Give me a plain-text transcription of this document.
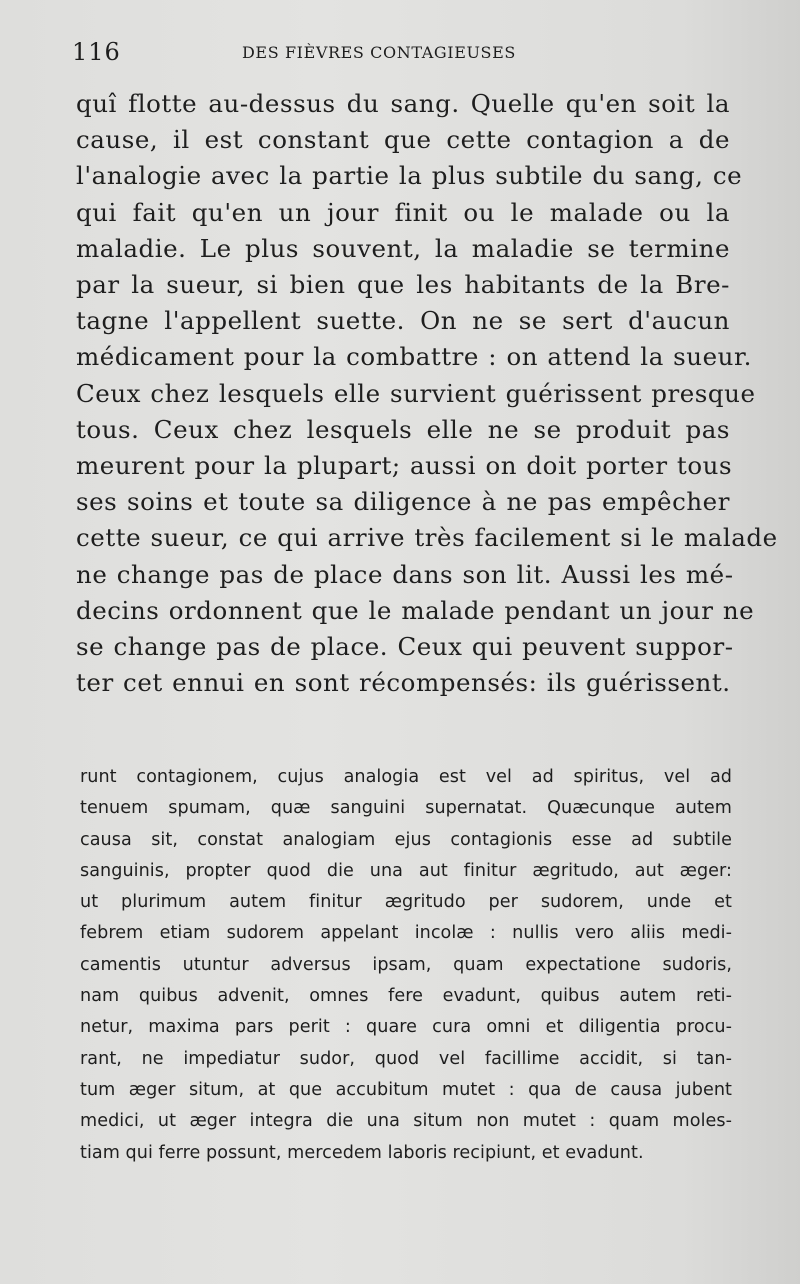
116	DES FIÈVRES CONTAGIEUSES

quî flotte au-dessus du sang. Quelle qu'en soit la
cause, il est constant que cette contagion a de
l'analogie avec la partie la plus subtile du sang, ce
qui fait qu'en un jour finit ou le malade ou la
maladie. Le plus souvent, la maladie se termine
par la sueur, si bien que les habitants de la Bre-
tagne l'appellent suette. On ne se sert d'aucun
médicament pour la combattre : on attend la sueur.
Ceux chez lesquels elle survient guérissent presque
tous. Ceux chez lesquels elle ne se produit pas
meurent pour la plupart; aussi on doit porter tous
ses soins et toute sa diligence à ne pas empêcher
cette sueur, ce qui arrive très facilement si le malade
ne change pas de place dans son lit. Aussi les mé-
decins ordonnent que le malade pendant un jour ne
se change pas de place. Ceux qui peuvent suppor-
ter cet ennui en sont récompensés: ils guérissent.

runt contagionem, cujus analogia est vel ad spiritus, vel ad
tenuem spumam, quæ sanguini supernatat. Quæcunque autem
causa sit, constat analogiam ejus contagionis esse ad subtile
sanguinis, propter quod die una aut finitur ægritudo, aut æger:
ut plurimum autem finitur ægritudo per sudorem, unde et
febrem etiam sudorem appelant incolæ : nullis vero aliis medi-
camentis utuntur adversus ipsam, quam expectatione sudoris,
nam quibus advenit, omnes fere evadunt, quibus autem reti-
netur, maxima pars perit : quare cura omni et diligentia procu-
rant, ne impediatur sudor, quod vel facillime accidit, si tan-
tum æger situm, at que accubitum mutet : qua de causa jubent
medici, ut æger integra die una situm non mutet : quam moles-
tiam qui ferre possunt, mercedem laboris recipiunt, et evadunt.
